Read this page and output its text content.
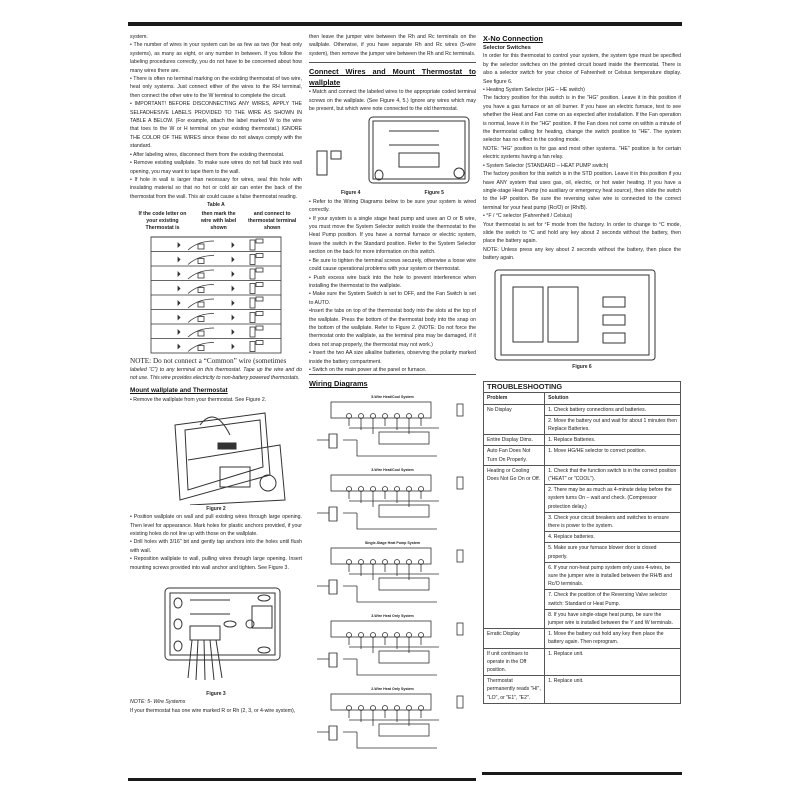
system.

• The number of wires in your system can be as few as two (for heat only systems), as many as eight, or any number in between. If you follow the labeling procedures correctly, you do not have to be concerned about how many wires there are.

• There is often no terminal marking on the existing thermostat of two wire, heat only systems. Just connect either of the wires to the RH terminal, then connect the other wire to the W terminal to complete the circuit.

• IMPORTANT! BEFORE DISCONNECTING ANY WIRES, APPLY THE SELFADHESIVE LABELS PROVIDED TO THE WIRE AS SHOWN IN TABLE A BELOW. (For example, attach the label marked W to the wire that toes to the W or H terminal on your existing thermostat.) IGNORE THE COLOR OF THE WIRES since these do not always comply with the standard.

• After labeling wires, disconnect them from the existing thermostat.

• Remove existing wallplate. To make sure wires do not fall back into wall opening, you may want to tape them to the wall.

• If hole in wall is larger than necessary for wires, seal this hole with insulating material so that no hot or cold air can enter the back of the thermostat from the wall. This air could cause a false thermostat reading.

Table A
If the code letter on your existing Thermostat is	then mark the wire with label shown	and connect to thermostat terminal shown
NOTE: Do not connect a “Common” wire (sometimes

labeled “C”) to any terminal on this thermostat. Tape up the wire and do not use. This wire provides electricity to non-battery powered thermostats.

Mount wallplate and Thermostat

• Remove the wallplate from your thermostat. See Figure 2.

Figure 2

• Position wallplate on wall and pull existing wires through large opening. Then level for appearance. Mark holes for plastic anchors provided, if your existing holes do not line up with those on the wallplate.

• Drill holes with 3/16" bit and gently tap anchors into the holes until flush with wall.

• Reposition wallplate to wall, pulling wires through large opening. Insert mounting screws provided into wall anchor and tighten. See Figure 3.

Figure 3

NOTE: 5- Wire Systems

If your thermostat has one wire marked R or Rh (2, 3, or 4-wire system),

then leave the jumper wire between the Rh and Rc terminals on the wallplate. Otherwise, if you have separate Rh and Rc wires (5-wire system), then remove the jumper wire between the Rh and Rc terminals.

Connect Wires and Mount Thermostat to wallplate

• Match and connect the labeled wires to the appropriate coded terminal screws on the wallplate. (See Figure 4, 5.) Ignore any wires which may be present, but which were note connected to the old thermostat.

Figure 4	Figure 5

• Refer to the Wiring Diagrams below to be sure your system is wired correctly.

• If your system is a single stage heat pump and uses an O or B wire, you must move the System Selector switch inside the thermostat to the Heat Pump position. If you have a normal furnace or electric system, leave the switch in the Standard position. Refer to the System Selector section on the back for more information on this switch.

• Be sure to tighten the terminal screws securely, otherwise a loose wire could cause operational problems with your system or thermostat.

• Push excess wire back into the hole to prevent interference when installing the thermostat to the wallplate.

• Make sure the System Switch is set to OFF, and the Fan Switch is set to AUTO.

•Insert the tabs on top of the thermostat body into the slots at the top of the wallplate. Press the bottom of the thermostat body into the snap on the bottom of the wallplate. Refer to Figure 2. (NOTE: Do not force the thermostat onto the wallplate, as the terminal pins may be damaged, if it does not snap properly, the thermostat may not work.)

• Insert the two AA size alkaline batteries, observing the polarity marked inside the battery compartment.

• Switch on the main power at the panel or furnace.

Wiring Diagrams
5-Wire Heat/Cool System
3-Wire Heat/Cool System
Single-Stage Heat Pump System
3-Wire Heat Only System
2-Wire Heat Only System
X-No Connection
Selector Switches

In order for this thermostat to control your system, the system type must be specified by the selector switches on the printed circuit board inside the thermostat. There is also a selector switch for your choice of Fahrenheit or Celsius temperature display. See figure 6.

• Heating System Selector (HG – HE switch)

The factory position for this switch is in the "HG" position. Leave it in this position if you have a gas furnace or an oil burner. If you have an electric furnace, test to see whether the Heat and Fan come on as expected after installation. If the Fan operation is normal, leave it in the "HG" position. If the Fan does not come on within a minute of the thermostat calling for heating, change the switch position to "HE". The system selector has no effect in the cooling mode.

NOTE: "HG" position is for gas and most other systems. "HE" position is for certain electric systems having a fan relay.

• System Selector (STANDARD – HEAT PUMP switch)

The factory position for this switch is in the STD position. Leave it in this position if you have ANY system that uses gas, oil, electric, or hot water heating. If you have a single-stage Heat Pump (no auxiliary or emergency heat source), then slide the switch to the HP position. Be sure the reversing valve wire is connected to the correct terminal for your heat pump (Rc/O) or (Rh/B).

• °F / °C selector (Fahrenheit / Celsius)

Your thermostat is set for °F mode from the factory. In order to change to °C mode, slide the switch to °C and hold any key about 2 seconds without the battery, then place the battery again.

NOTE: Unless press any key about 2 seconds without the battery, then place the battery again.

Figure 6
TROUBLESHOOTING
Problem	Solution
No Display	1. Check battery connections and batteries.
	2. Move the battery out and wait for about 1 minutes then Replace Batteries.
Entire Display Dims.	1. Replace Batteries.
Auto Fan Does Not Turn On Properly.	1. Move HG/HE selector to correct position.
Heating or Cooling Does Not Go On or Off.	1. Check that the function switch is in the correct position ("HEAT" or "COOL").
	2. There may be as much as 4-minute delay before the system turns On – wait and check. (Compressor protection delay.)
	3. Check your circuit breakers and switches to ensure there is power to the system.
	4. Replace batteries.
	5. Make sure your furnace blower door is closed properly.
	6. If your non-heat pump system only uses 4-wires, be sure the jumper wire is installed between the RH/B and Rc/O terminals.
	7. Check the position of the Reversing Valve selector switch: Standard or Heat Pump.
	8. If you have single-stage heat pump, be sure the jumper wire is installed between the Y and W terminals.
Erratic Display	1. Move the battery out hold any key then place the battery again. Then reprogram.
If unit continues to operate in the Off position.	1. Replace unit.
Thermostat permanently reads "HI", "LO", or "E1", "E2".	1. Replace unit.
